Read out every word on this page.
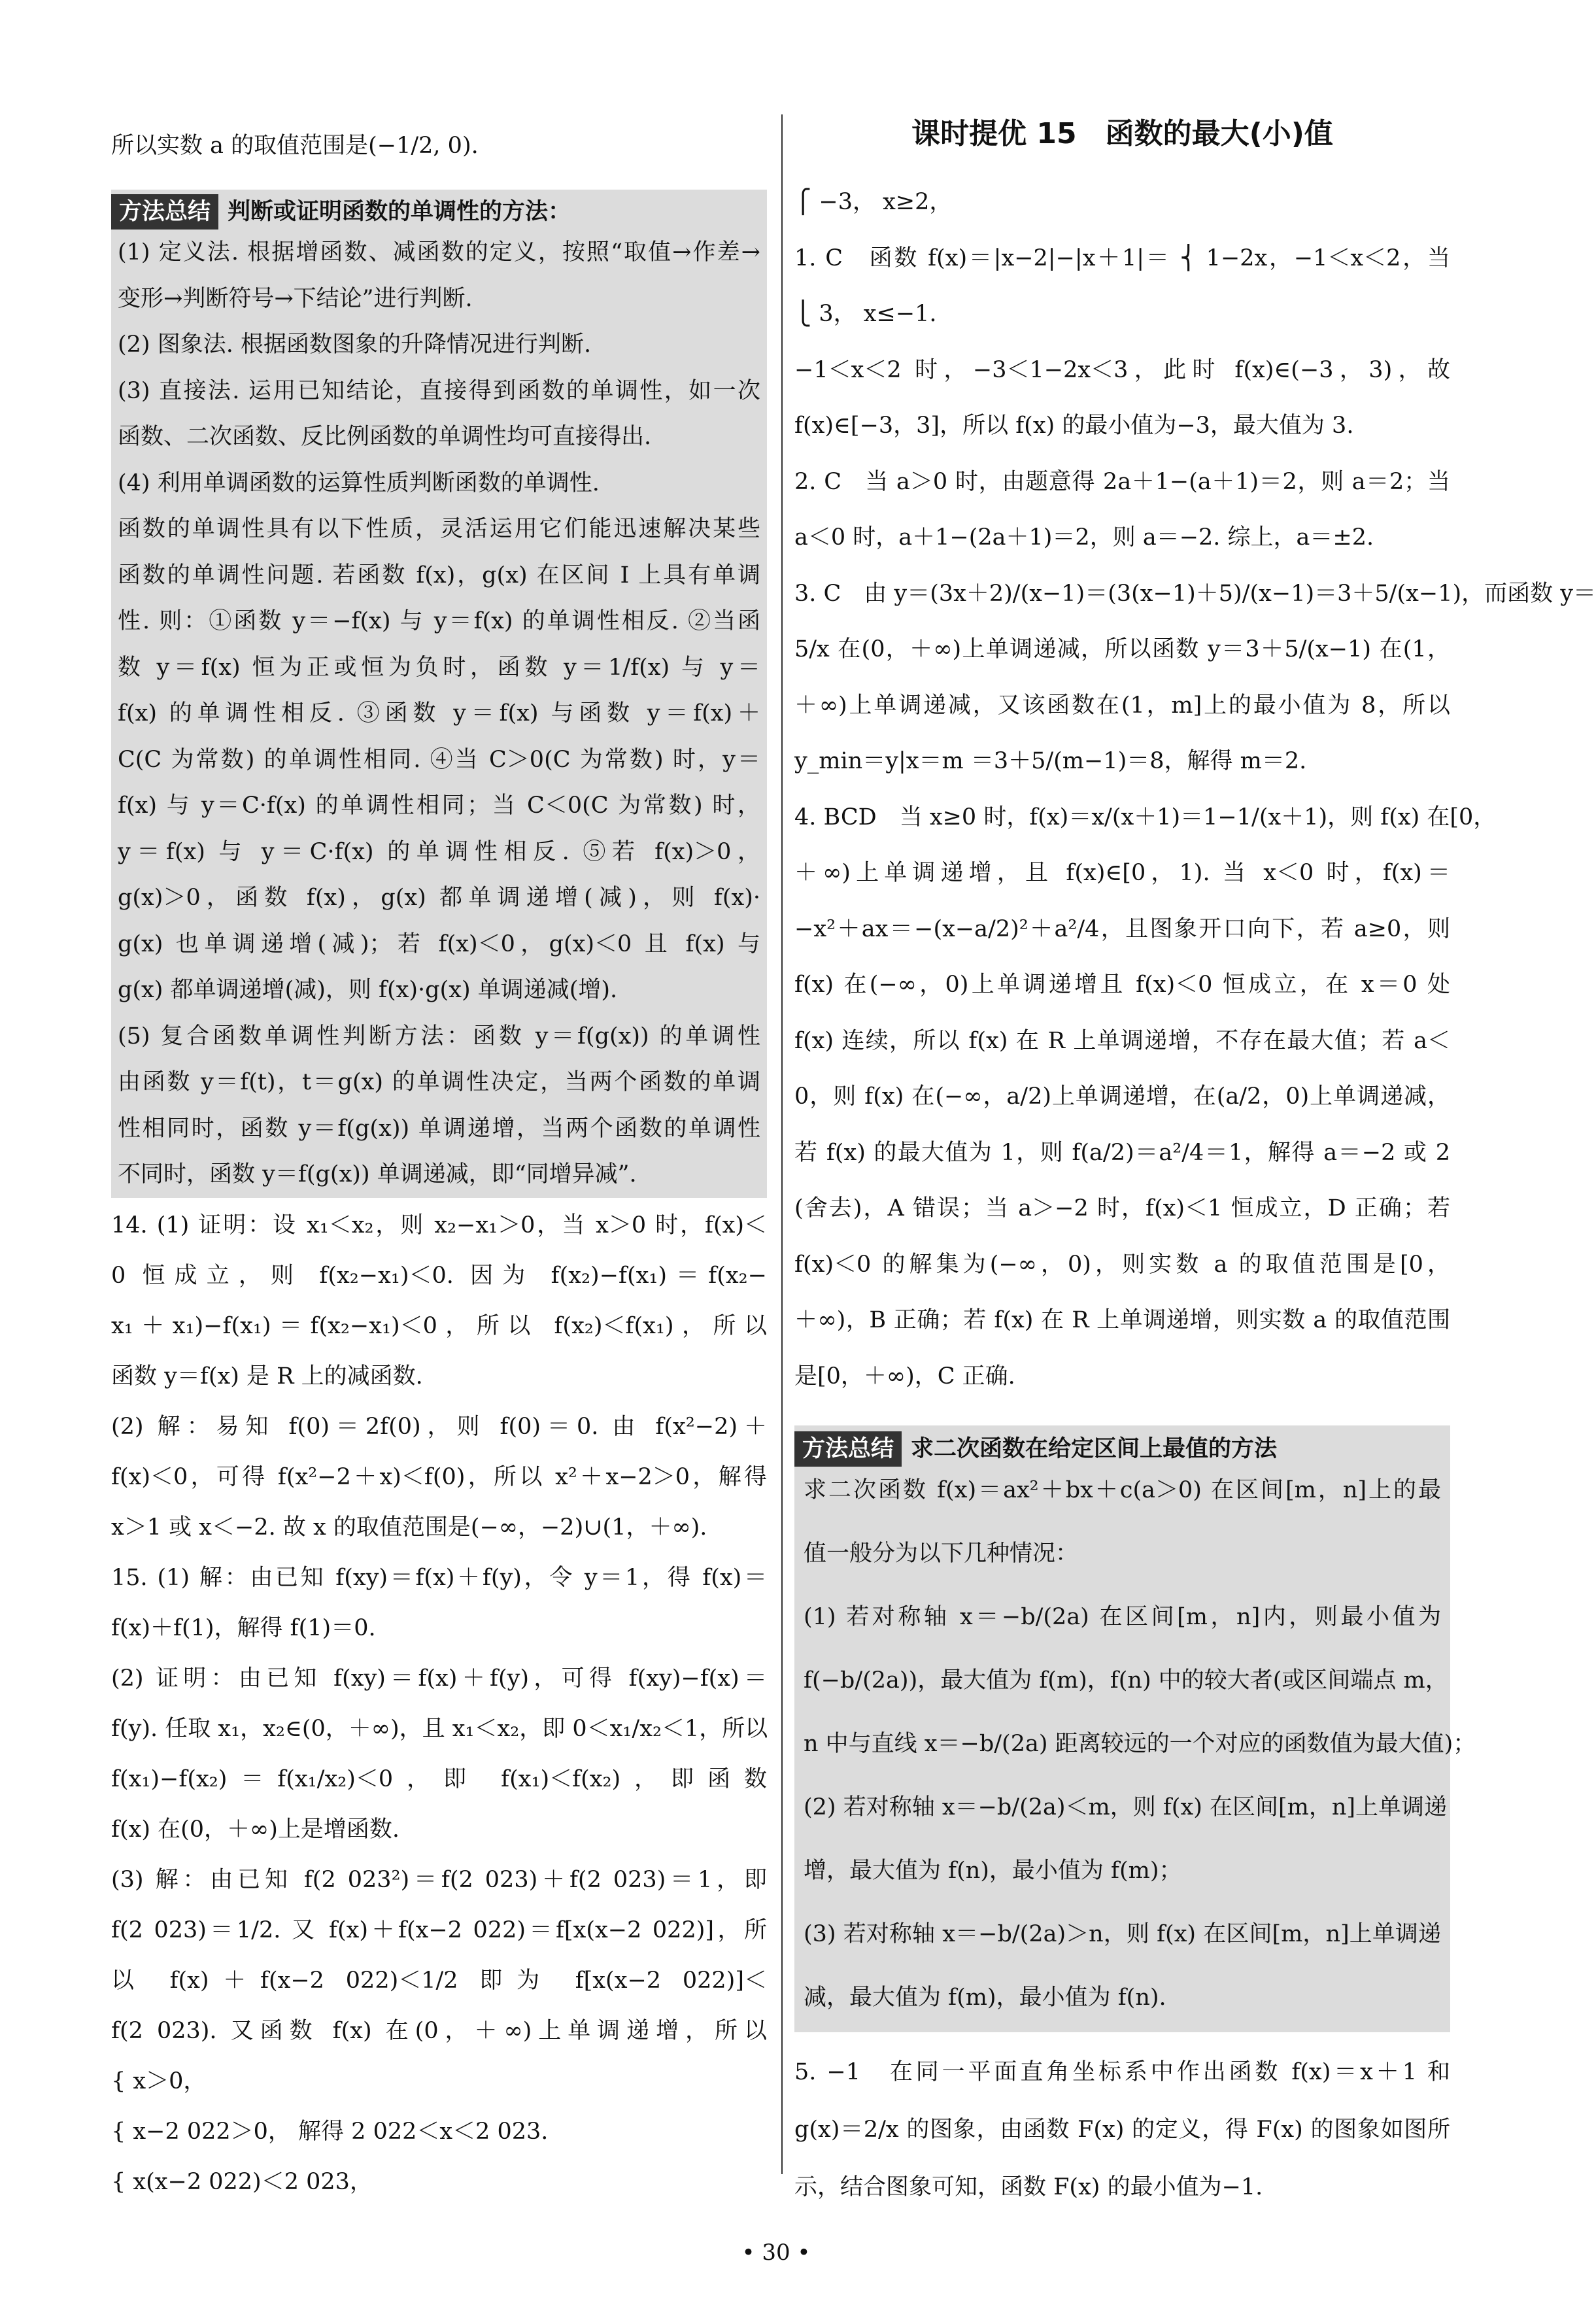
所以实数 a 的取值范围是(−1/2, 0).
方法总结 判断或证明函数的单调性的方法：
(1) 定义法. 根据增函数、减函数的定义，按照“取值→作差→
变形→判断符号→下结论”进行判断.
(2) 图象法. 根据函数图象的升降情况进行判断.
(3) 直接法. 运用已知结论，直接得到函数的单调性，如一次
函数、二次函数、反比例函数的单调性均可直接得出.
(4) 利用单调函数的运算性质判断函数的单调性.
函数的单调性具有以下性质，灵活运用它们能迅速解决某些
函数的单调性问题. 若函数 f(x)，g(x) 在区间 I 上具有单调
性. 则：①函数 y＝−f(x) 与 y＝f(x) 的单调性相反. ②当函
数 y＝f(x) 恒为正或恒为负时，函数 y＝1/f(x) 与 y＝
f(x) 的单调性相反. ③函数 y＝f(x) 与函数 y＝f(x)＋
C(C 为常数) 的单调性相同. ④当 C＞0(C 为常数) 时，y＝
f(x) 与 y＝C·f(x) 的单调性相同；当 C＜0(C 为常数) 时，
y＝f(x) 与 y＝C·f(x) 的单调性相反. ⑤若 f(x)＞0，
g(x)＞0，函数 f(x)，g(x) 都单调递增(减)，则 f(x)·
g(x) 也单调递增(减)；若 f(x)＜0，g(x)＜0 且 f(x) 与
g(x) 都单调递增(减)，则 f(x)·g(x) 单调递减(增).
(5) 复合函数单调性判断方法：函数 y＝f(g(x)) 的单调性
由函数 y＝f(t)，t＝g(x) 的单调性决定，当两个函数的单调
性相同时，函数 y＝f(g(x)) 单调递增，当两个函数的单调性
不同时，函数 y＝f(g(x)) 单调递减，即“同增异减”.
14. (1) 证明：设 x₁＜x₂，则 x₂−x₁＞0，当 x＞0 时，f(x)＜
0 恒成立，则 f(x₂−x₁)＜0. 因为 f(x₂)−f(x₁)＝f(x₂−
x₁＋x₁)−f(x₁)＝f(x₂−x₁)＜0，所以 f(x₂)＜f(x₁)，所以
函数 y＝f(x) 是 R 上的减函数.
(2) 解：易知 f(0)＝2f(0)，则 f(0)＝0. 由 f(x²−2)＋
f(x)＜0，可得 f(x²−2＋x)＜f(0)，所以 x²＋x−2＞0，解得
x＞1 或 x＜−2. 故 x 的取值范围是(−∞，−2)∪(1，＋∞).
15. (1) 解：由已知 f(xy)＝f(x)＋f(y)，令 y＝1，得 f(x)＝
f(x)＋f(1)，解得 f(1)＝0.
(2) 证明：由已知 f(xy)＝f(x)＋f(y)，可得 f(xy)−f(x)＝
f(y). 任取 x₁，x₂∈(0，＋∞)，且 x₁＜x₂，即 0＜x₁/x₂＜1，所以
f(x₁)−f(x₂)＝f(x₁/x₂)＜0，即 f(x₁)＜f(x₂)，即函数
f(x) 在(0，＋∞)上是增函数.
(3) 解：由已知 f(2 023²)＝f(2 023)＋f(2 023)＝1，即
f(2 023)＝1/2. 又 f(x)＋f(x−2 022)＝f[x(x−2 022)]，所
以 f(x)＋f(x−2 022)＜1/2 即为 f[x(x−2 022)]＜
f(2 023). 又函数 f(x) 在(0，＋∞)上单调递增，所以
{ x＞0，
{ x−2 022＞0， 解得 2 022＜x＜2 023.
{ x(x−2 022)＜2 023，
课时提优 15　函数的最大(小)值
⎧ −3， x≥2，
1. C　函数 f(x)＝|x−2|−|x＋1|＝ ⎨ 1−2x，−1＜x＜2，当
⎩ 3， x≤−1.
−1＜x＜2 时，−3＜1−2x＜3，此时 f(x)∈(−3，3)，故
f(x)∈[−3，3]，所以 f(x) 的最小值为−3，最大值为 3.
2. C　当 a＞0 时，由题意得 2a＋1−(a＋1)＝2，则 a＝2；当
a＜0 时，a＋1−(2a＋1)＝2，则 a＝−2. 综上，a＝±2.
3. C　由 y＝(3x＋2)/(x−1)＝(3(x−1)＋5)/(x−1)＝3＋5/(x−1)，而函数 y＝
5/x 在(0，＋∞)上单调递减，所以函数 y＝3＋5/(x−1) 在(1，
＋∞)上单调递减，又该函数在(1，m]上的最小值为 8，所以
y_min＝y|x＝m ＝3＋5/(m−1)＝8，解得 m＝2.
4. BCD　当 x≥0 时，f(x)＝x/(x＋1)＝1−1/(x＋1)，则 f(x) 在[0，
＋∞)上单调递增，且 f(x)∈[0，1). 当 x＜0 时，f(x)＝
−x²＋ax＝−(x−a/2)²＋a²/4，且图象开口向下，若 a≥0，则
f(x) 在(−∞，0)上单调递增且 f(x)＜0 恒成立，在 x＝0 处
f(x) 连续，所以 f(x) 在 R 上单调递增，不存在最大值；若 a＜
0，则 f(x) 在(−∞，a/2)上单调递增，在(a/2，0)上单调递减，
若 f(x) 的最大值为 1，则 f(a/2)＝a²/4＝1，解得 a＝−2 或 2
(舍去)，A 错误；当 a＞−2 时，f(x)＜1 恒成立，D 正确；若
f(x)＜0 的解集为(−∞，0)，则实数 a 的取值范围是[0，
＋∞)，B 正确；若 f(x) 在 R 上单调递增，则实数 a 的取值范围
是[0，＋∞)，C 正确.
方法总结 求二次函数在给定区间上最值的方法
求二次函数 f(x)＝ax²＋bx＋c(a＞0) 在区间[m，n]上的最
值一般分为以下几种情况：
(1) 若对称轴 x＝−b/(2a) 在区间[m，n]内，则最小值为
f(−b/(2a))，最大值为 f(m)，f(n) 中的较大者(或区间端点 m，
n 中与直线 x＝−b/(2a) 距离较远的一个对应的函数值为最大值)；
(2) 若对称轴 x＝−b/(2a)＜m，则 f(x) 在区间[m，n]上单调递
增，最大值为 f(n)，最小值为 f(m)；
(3) 若对称轴 x＝−b/(2a)＞n，则 f(x) 在区间[m，n]上单调递
减，最大值为 f(m)，最小值为 f(n).
5. −1　在同一平面直角坐标系中作出函数 f(x)＝x＋1 和
g(x)＝2/x 的图象，由函数 F(x) 的定义，得 F(x) 的图象如图所
示，结合图象可知，函数 F(x) 的最小值为−1.
• 30 •
